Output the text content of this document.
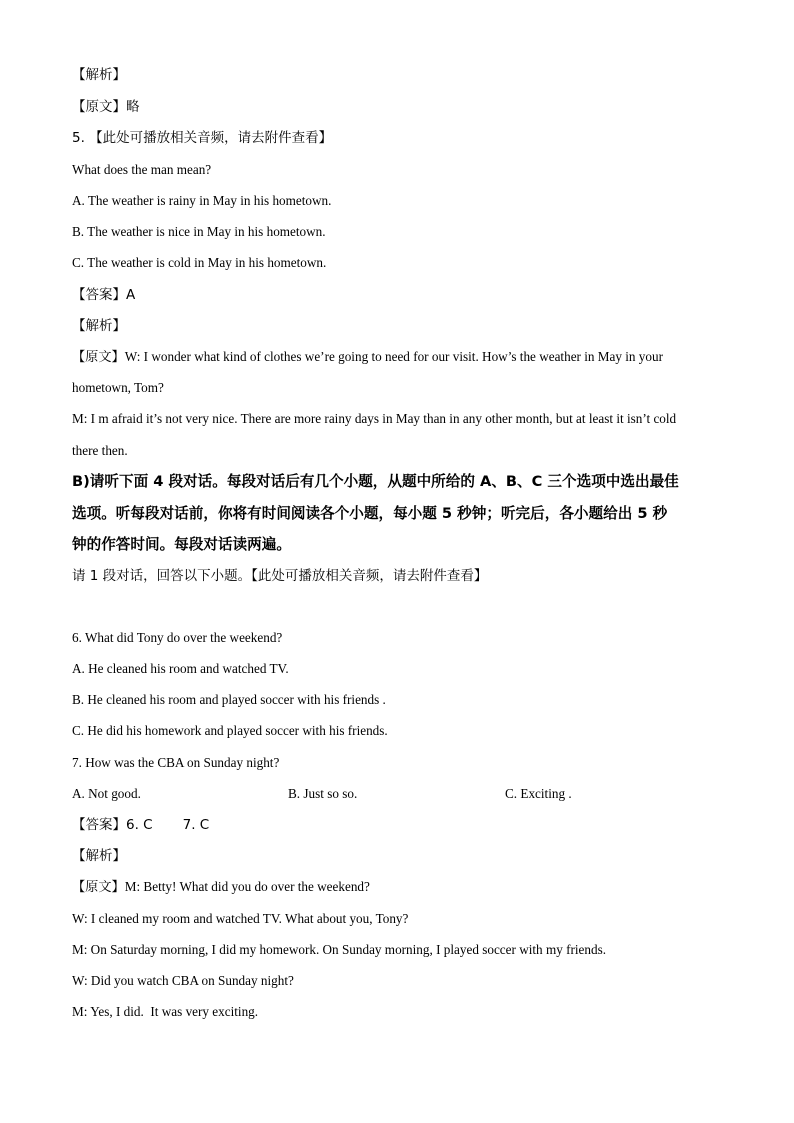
【解析】
【原文】略
5. 【此处可播放相关音频，请去附件查看】
What does the man mean?
A. The weather is rainy in May in his hometown.
B. The weather is nice in May in his hometown.
C. The weather is cold in May in his hometown.
【答案】A
【解析】
【原文】W: I wonder what kind of clothes we’re going to need for our visit. How’s the weather in May in your
hometown, Tom?
M: I m afraid it’s not very nice. There are more rainy days in May than in any other month, but at least it isn’t cold
there then.
B)请听下面 4 段对话。每段对话后有几个小题，从题中所给的 A、B、C 三个选项中选出最佳
选项。听每段对话前，你将有时间阅读各个小题，每小题 5 秒钟；听完后，各小题给出 5 秒
钟的作答时间。每段对话读两遍。
请 1 段对话，回答以下小题。【此处可播放相关音频，请去附件查看】
6. What did Tony do over the weekend?
A. He cleaned his room and watched TV.
B. He cleaned his room and played soccer with his friends .
C. He did his homework and played soccer with his friends.
7. How was the CBA on Sunday night?
A. Not good.	B. Just so so.	C. Exciting .
【答案】6. C       7. C
【解析】
【原文】M: Betty! What did you do over the weekend?
W: I cleaned my room and watched TV. What about you, Tony?
M: On Saturday morning, I did my homework. On Sunday morning, I played soccer with my friends.
W: Did you watch CBA on Sunday night?
M: Yes, I did.  It was very exciting.
